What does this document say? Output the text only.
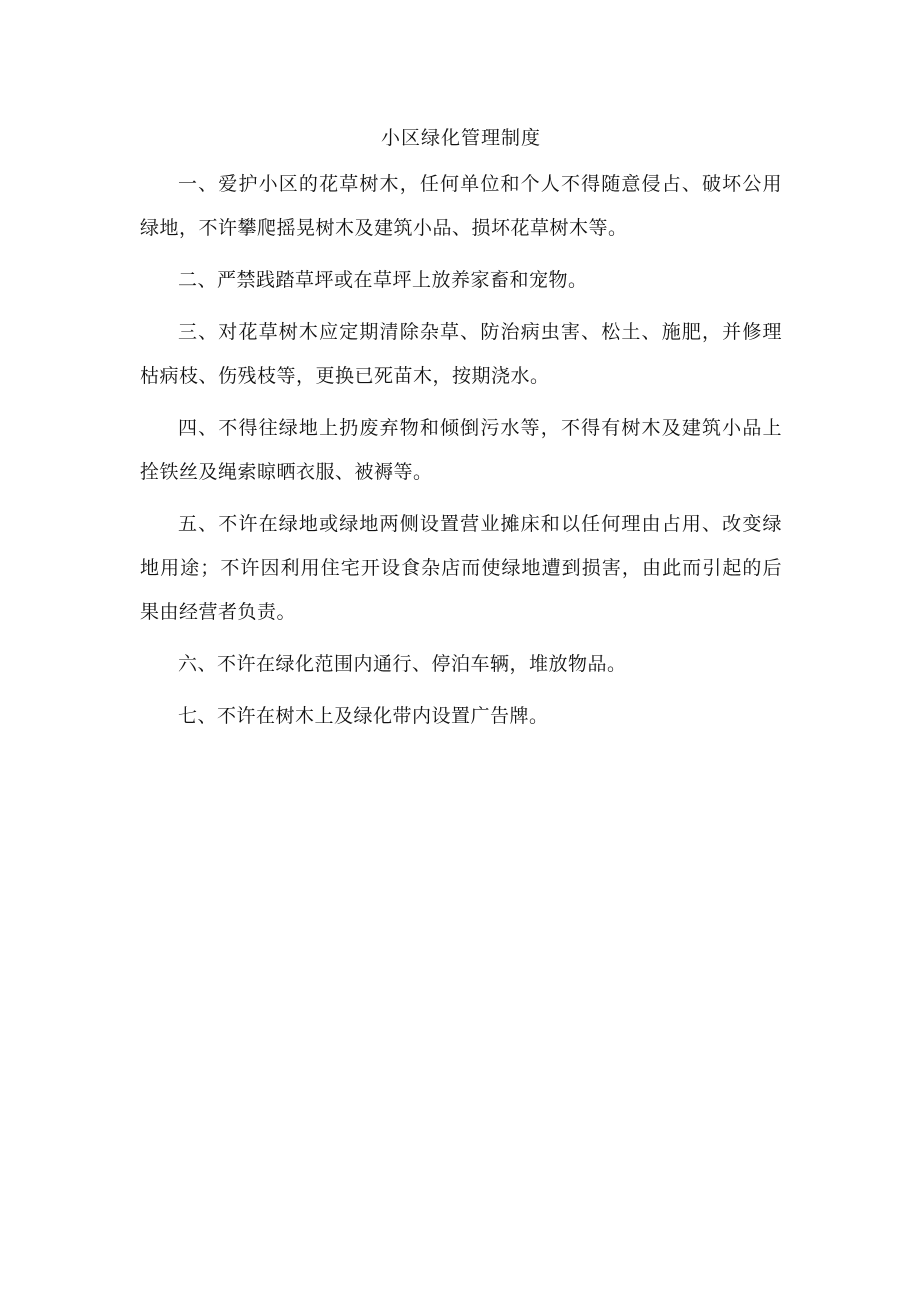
小区绿化管理制度

一、爱护小区的花草树木，任何单位和个人不得随意侵占、破坏公用绿地，不许攀爬摇晃树木及建筑小品、损坏花草树木等。

二、严禁践踏草坪或在草坪上放养家畜和宠物。

三、对花草树木应定期清除杂草、防治病虫害、松土、施肥，并修理枯病枝、伤残枝等，更换已死苗木，按期浇水。

四、不得往绿地上扔废弃物和倾倒污水等，不得有树木及建筑小品上拴铁丝及绳索晾晒衣服、被褥等。

五、不许在绿地或绿地两侧设置营业摊床和以任何理由占用、改变绿地用途；不许因利用住宅开设食杂店而使绿地遭到损害，由此而引起的后果由经营者负责。

六、不许在绿化范围内通行、停泊车辆，堆放物品。

七、不许在树木上及绿化带内设置广告牌。
